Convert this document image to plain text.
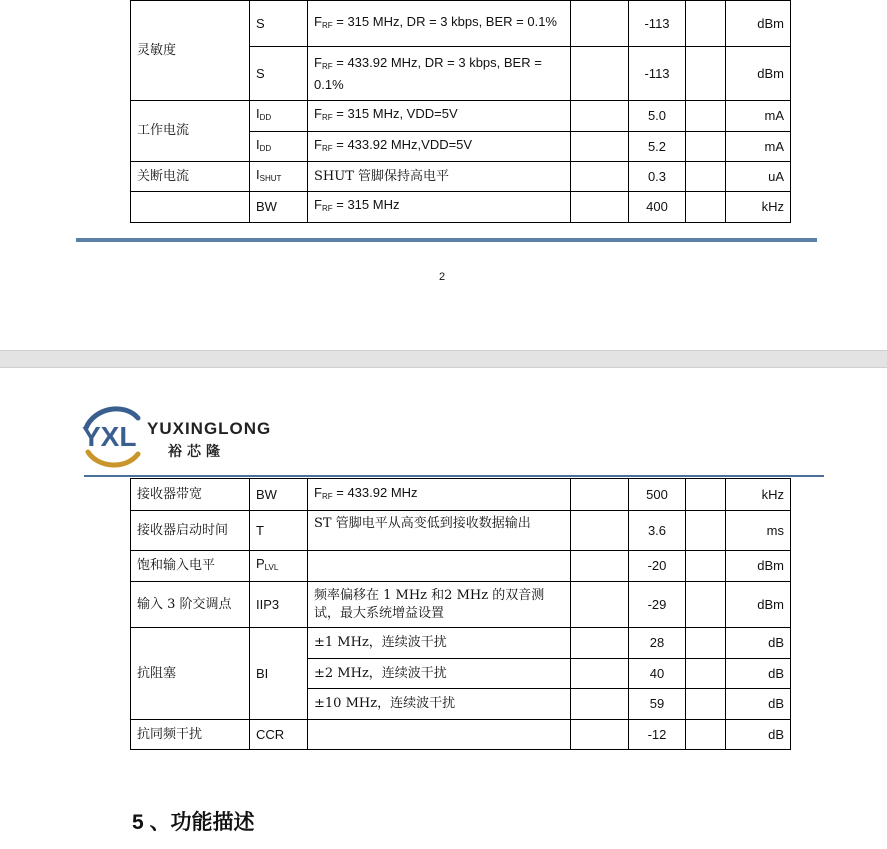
灵敏度	S	$F_{RF} = 315$ MHz, DR = 3 kbps, BER = 0.1%		-113		dBm
	S	$F_{RF} = 433.92$ MHz, DR = 3 kbps, BER = 0.1%		-113		dBm
工作电流	$I_{DD}$	$F_{RF} = 315$ MHz, VDD=5V		5.0		mA
	$I_{DD}$	$F_{RF} = 433.92$ MHz,VDD=5V		5.2		mA
关断电流	$I_{SHUT}$	SHUT 管脚保持高电平		0.3		uA
	BW	$F_{RF} = 315$ MHz		400		kHz
2
YXL YUXINGLONG
裕芯隆
接收器带宽	BW	$F_{RF} = 433.92$ MHz		500		kHz
接收器启动时间	T	ST 管脚电平从高变低到接收数据输出		3.6		ms
饱和输入电平	$P_{LVL}$			-20		dBm
输入 3 阶交调点	IIP3	频率偏移在 1 MHz 和2 MHz 的双音测试，最大系统增益设置		-29		dBm
抗阻塞	BI	±1 MHz，连续波干扰		28		dB
		±2 MHz，连续波干扰		40		dB
		±10 MHz，连续波干扰		59		dB
抗同频干扰	CCR			-12		dB
5 、功能描述
